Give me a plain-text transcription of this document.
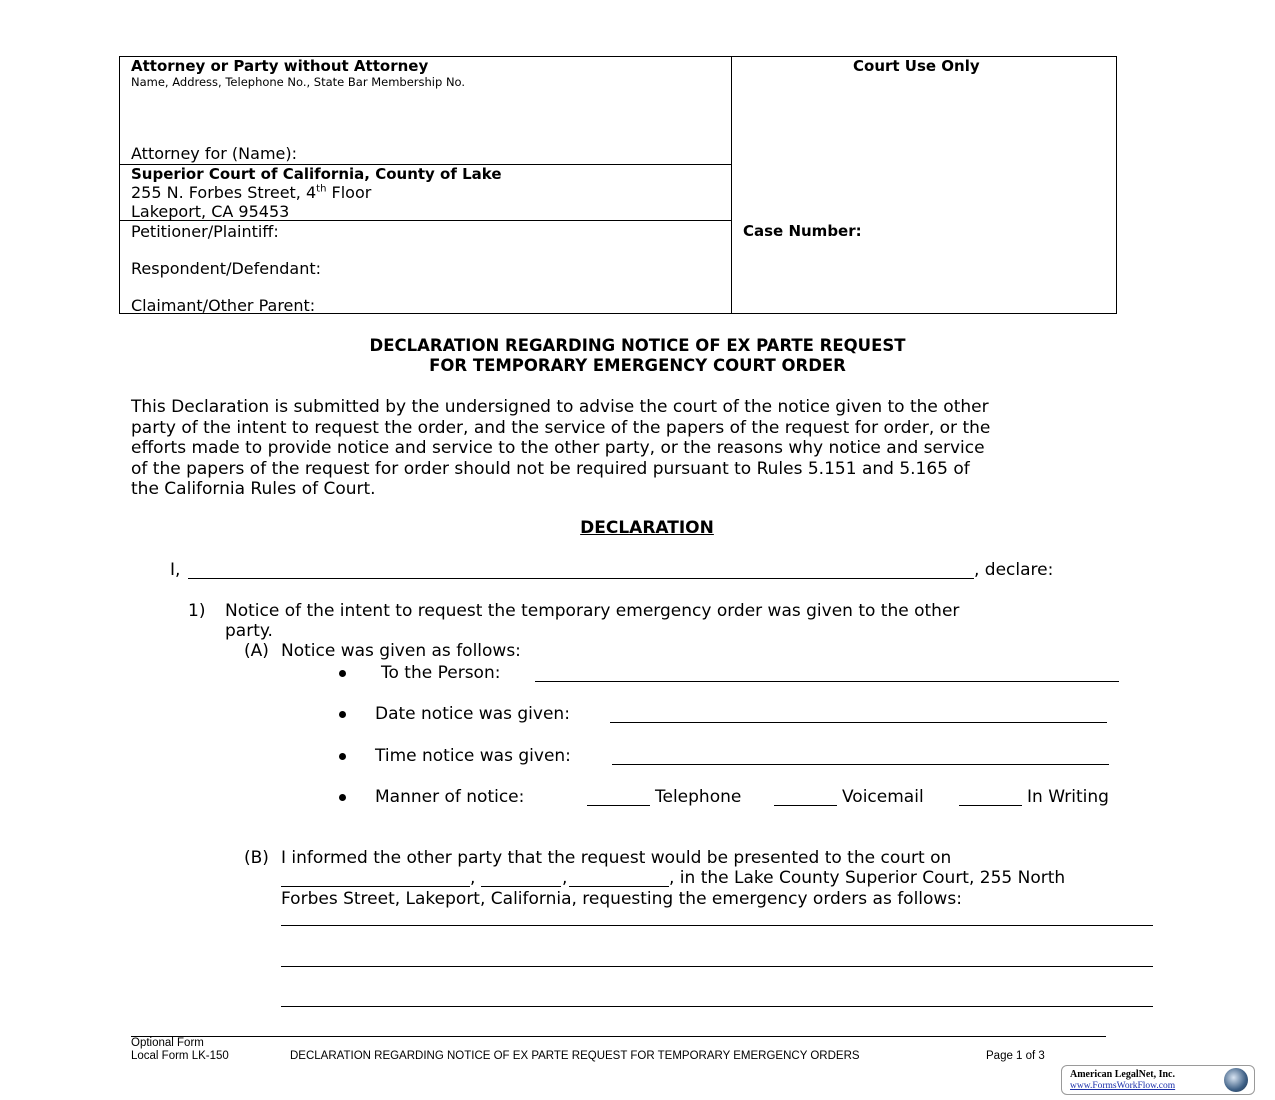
Attorney or Party without Attorney
Name, Address, Telephone No., State Bar Membership No.
Attorney for (Name):
Superior Court of California, County of Lake
255 N. Forbes Street, 4th Floor
Lakeport, CA 95453
Petitioner/Plaintiff:
Respondent/Defendant:
Claimant/Other Parent:
Court Use Only
Case Number:
DECLARATION REGARDING NOTICE OF EX PARTE REQUEST
FOR TEMPORARY EMERGENCY COURT ORDER
This Declaration is submitted by the undersigned to advise the court of the notice given to the other
party of the intent to request the order, and the service of the papers of the request for order, or the
efforts made to provide notice and service to the other party, or the reasons why notice and service
of the papers of the request for order should not be required pursuant to Rules 5.151 and 5.165 of
the California Rules of Court.
DECLARATION
I,	, declare:
1) Notice of the intent to request the temporary emergency order was given to the other
party.
(A) Notice was given as follows:
To the Person:
Date notice was given:
Time notice was given:
Manner of notice:	Telephone	Voicemail	In Writing
(B) I informed the other party that the request would be presented to the court on
,	,	, in the Lake County Superior Court, 255 North
Forbes Street, Lakeport, California, requesting the emergency orders as follows:
Optional Form
Local Form LK-150	DECLARATION REGARDING NOTICE OF EX PARTE REQUEST FOR TEMPORARY EMERGENCY ORDERS	Page 1 of 3
American LegalNet, Inc.
www.FormsWorkFlow.com
